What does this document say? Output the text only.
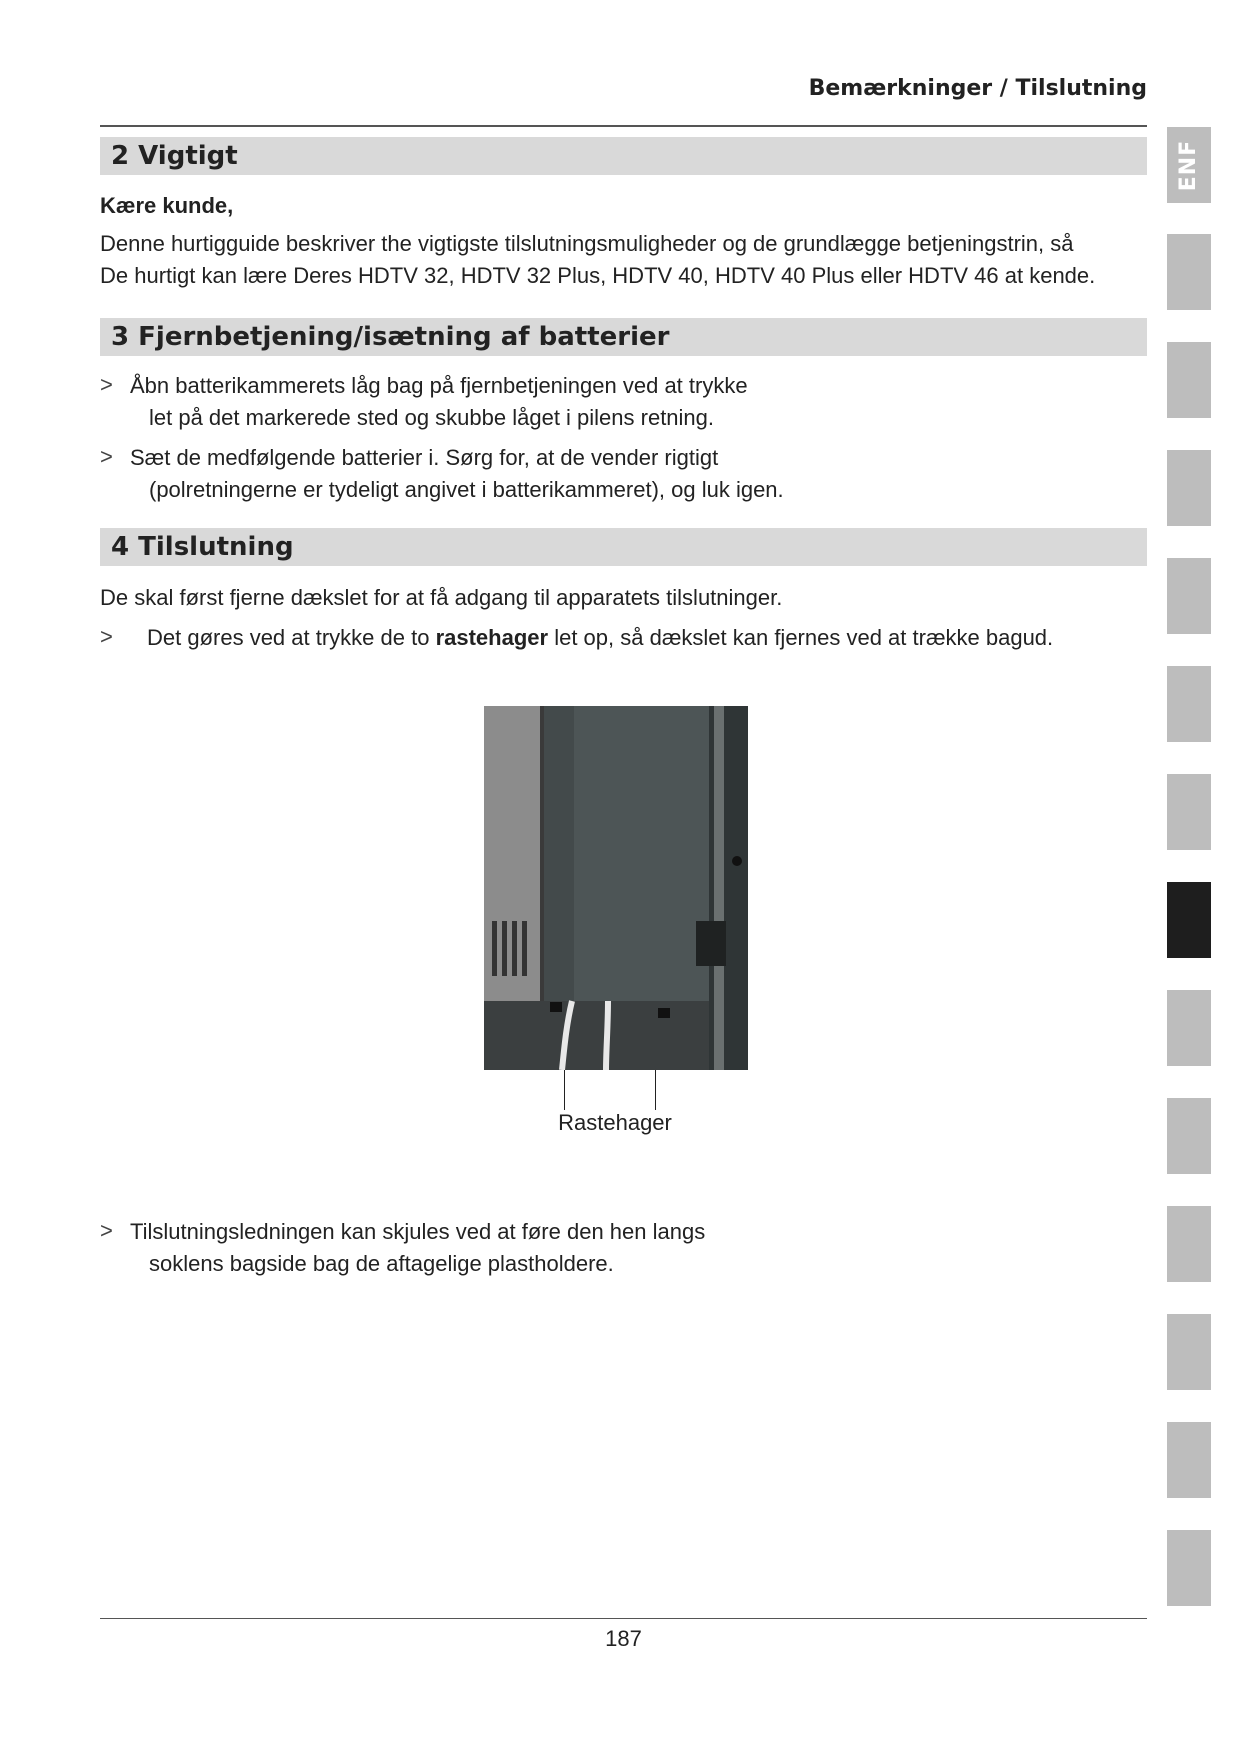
Bemærkninger / Tilslutning
ENF
2 Vigtigt
Kære kunde,
Denne hurtigguide beskriver the vigtigste tilslutningsmuligheder og de grundlægge betjeningstrin, så
De hurtigt kan lære Deres HDTV 32, HDTV 32 Plus, HDTV 40, HDTV 40 Plus eller HDTV 46 at kende.
3 Fjernbetjening/isætning af batterier
> Åbn batterikammerets låg bag på fjernbetjeningen ved at trykke
let på det markerede sted og skubbe låget i pilens retning.
> Sæt de medfølgende batterier i. Sørg for, at de vender rigtigt
(polretningerne er tydeligt angivet i batterikammeret), og luk igen.
4 Tilslutning
De skal først fjerne dækslet for at få adgang til apparatets tilslutninger.
> Det gøres ved at trykke de to rastehager let op, så dækslet kan fjernes ved at trække bagud.
Rastehager
> Tilslutningsledningen kan skjules ved at føre den hen langs
soklens bagside bag de aftagelige plastholdere.
187
